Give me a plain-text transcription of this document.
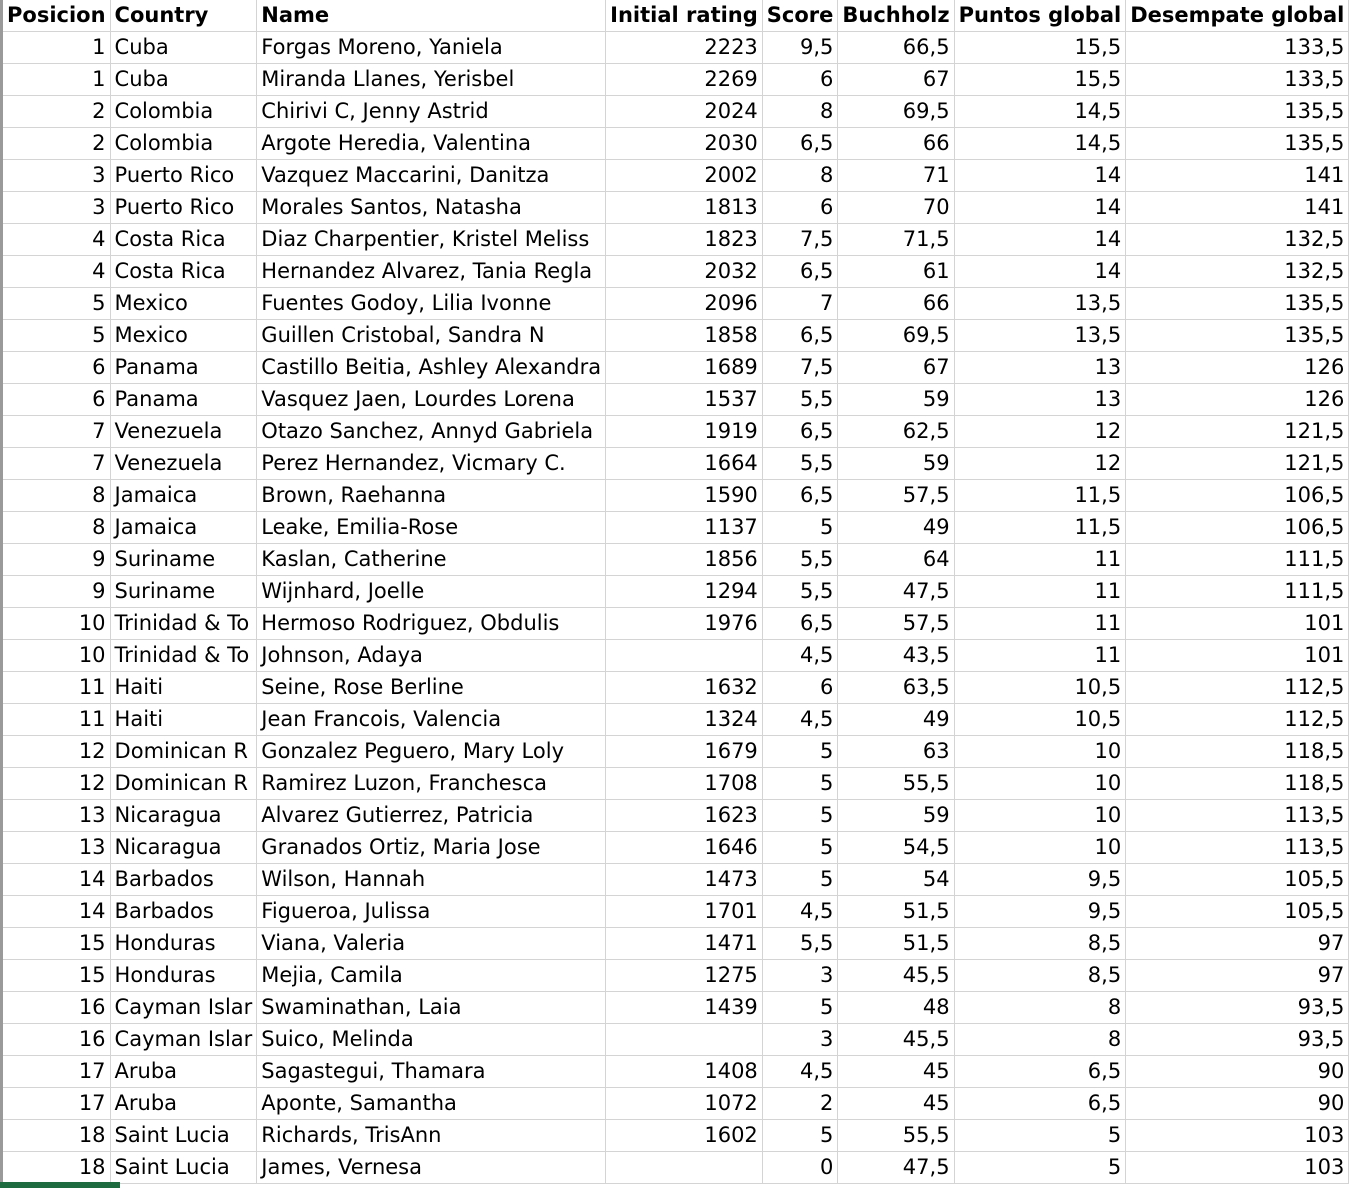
Posicion	Country	Name	Initial rating	Score	Buchholz	Puntos global	Desempate global
1	Cuba	Forgas Moreno, Yaniela	2223	9,5	66,5	15,5	133,5
1	Cuba	Miranda Llanes, Yerisbel	2269	6	67	15,5	133,5
2	Colombia	Chirivi C, Jenny Astrid	2024	8	69,5	14,5	135,5
2	Colombia	Argote Heredia, Valentina	2030	6,5	66	14,5	135,5
3	Puerto Rico	Vazquez Maccarini, Danitza	2002	8	71	14	141
3	Puerto Rico	Morales Santos, Natasha	1813	6	70	14	141
4	Costa Rica	Diaz Charpentier, Kristel Meliss	1823	7,5	71,5	14	132,5
4	Costa Rica	Hernandez Alvarez, Tania Regla	2032	6,5	61	14	132,5
5	Mexico	Fuentes Godoy, Lilia Ivonne	2096	7	66	13,5	135,5
5	Mexico	Guillen Cristobal, Sandra N	1858	6,5	69,5	13,5	135,5
6	Panama	Castillo Beitia, Ashley Alexandra	1689	7,5	67	13	126
6	Panama	Vasquez Jaen, Lourdes Lorena	1537	5,5	59	13	126
7	Venezuela	Otazo Sanchez, Annyd Gabriela	1919	6,5	62,5	12	121,5
7	Venezuela	Perez Hernandez, Vicmary C.	1664	5,5	59	12	121,5
8	Jamaica	Brown, Raehanna	1590	6,5	57,5	11,5	106,5
8	Jamaica	Leake, Emilia-Rose	1137	5	49	11,5	106,5
9	Suriname	Kaslan, Catherine	1856	5,5	64	11	111,5
9	Suriname	Wijnhard, Joelle	1294	5,5	47,5	11	111,5
10	Trinidad & To	Hermoso Rodriguez, Obdulis	1976	6,5	57,5	11	101
10	Trinidad & To	Johnson, Adaya		4,5	43,5	11	101
11	Haiti	Seine, Rose Berline	1632	6	63,5	10,5	112,5
11	Haiti	Jean Francois, Valencia	1324	4,5	49	10,5	112,5
12	Dominican R	Gonzalez Peguero, Mary Loly	1679	5	63	10	118,5
12	Dominican R	Ramirez Luzon, Franchesca	1708	5	55,5	10	118,5
13	Nicaragua	Alvarez Gutierrez, Patricia	1623	5	59	10	113,5
13	Nicaragua	Granados Ortiz, Maria Jose	1646	5	54,5	10	113,5
14	Barbados	Wilson, Hannah	1473	5	54	9,5	105,5
14	Barbados	Figueroa, Julissa	1701	4,5	51,5	9,5	105,5
15	Honduras	Viana, Valeria	1471	5,5	51,5	8,5	97
15	Honduras	Mejia, Camila	1275	3	45,5	8,5	97
16	Cayman Islar	Swaminathan, Laia	1439	5	48	8	93,5
16	Cayman Islar	Suico, Melinda		3	45,5	8	93,5
17	Aruba	Sagastegui, Thamara	1408	4,5	45	6,5	90
17	Aruba	Aponte, Samantha	1072	2	45	6,5	90
18	Saint Lucia	Richards, TrisAnn	1602	5	55,5	5	103
18	Saint Lucia	James, Vernesa		0	47,5	5	103
